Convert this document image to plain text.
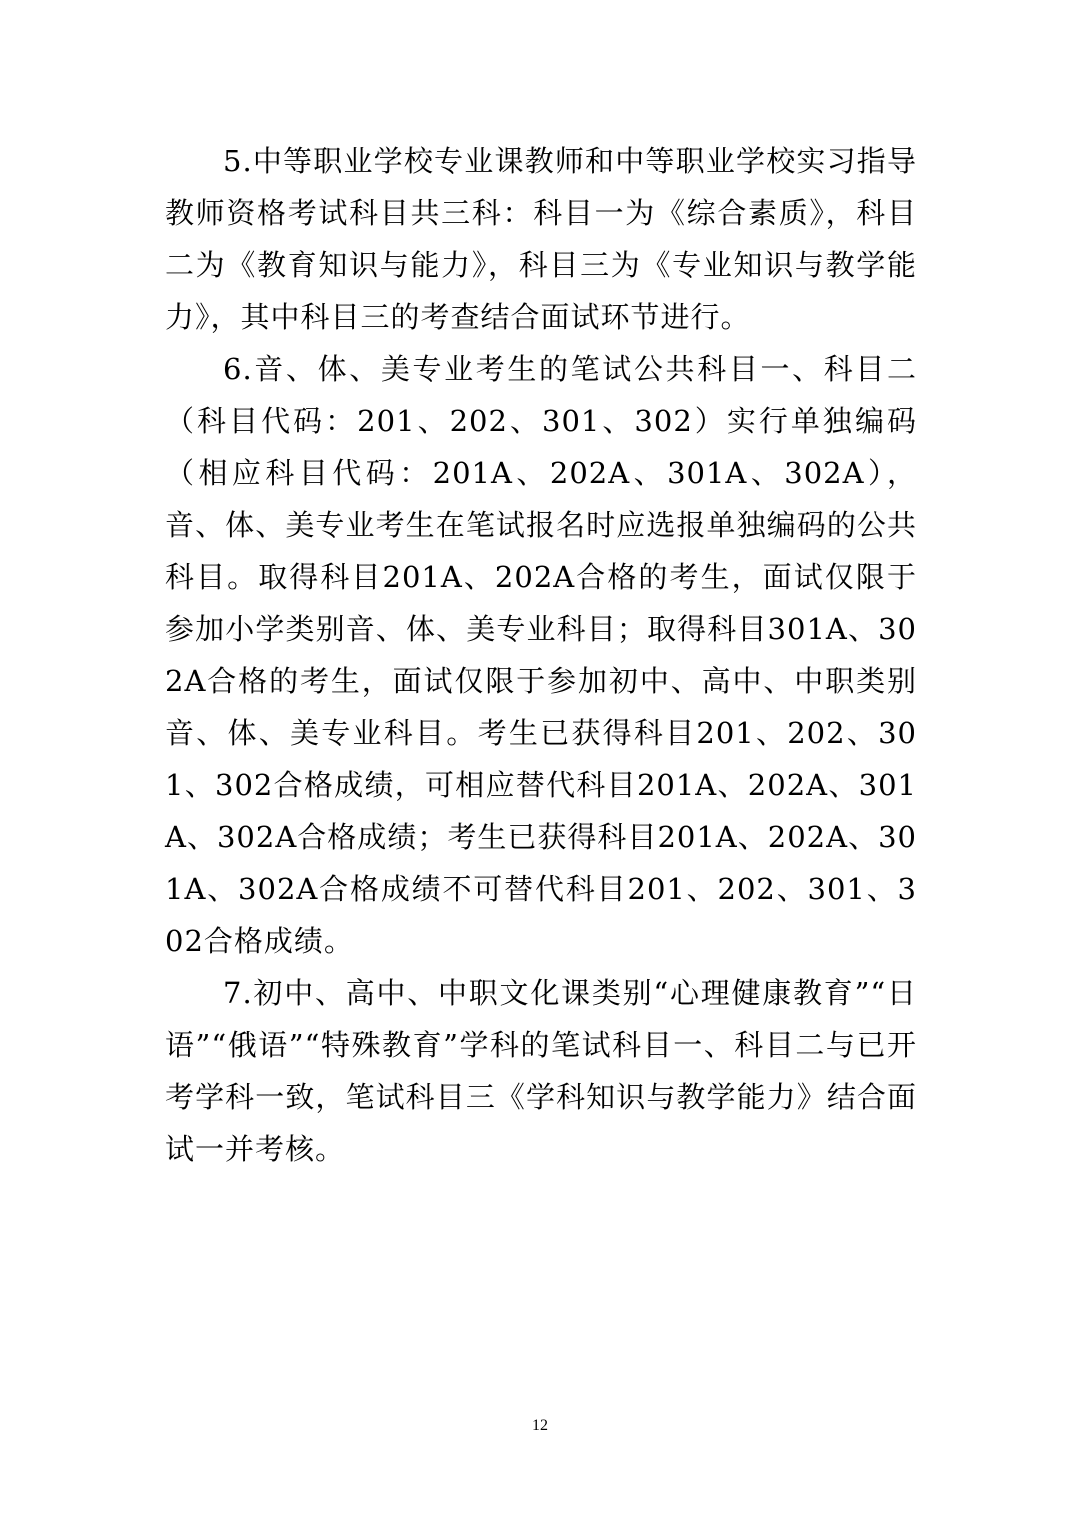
5.中等职业学校专业课教师和中等职业学校实习指导教师资格考试科目共三科：科目一为《综合素质》，科目二为《教育知识与能力》，科目三为《专业知识与教学能力》，其中科目三的考查结合面试环节进行。

6.音、体、美专业考生的笔试公共科目一、科目二（科目代码：201、202、301、302）实行单独编码（相应科目代码：201A、202A、301A、302A），音、体、美专业考生在笔试报名时应选报单独编码的公共科目。取得科目201A、202A合格的考生，面试仅限于参加小学类别音、体、美专业科目；取得科目301A、302A合格的考生，面试仅限于参加初中、高中、中职类别音、体、美专业科目。考生已获得科目201、202、301、302合格成绩，可相应替代科目201A、202A、301A、302A合格成绩；考生已获得科目201A、202A、301A、302A合格成绩不可替代科目201、202、301、302合格成绩。

7.初中、高中、中职文化课类别“心理健康教育”“日语”“俄语”“特殊教育”学科的笔试科目一、科目二与已开考学科一致，笔试科目三《学科知识与教学能力》结合面试一并考核。

12
